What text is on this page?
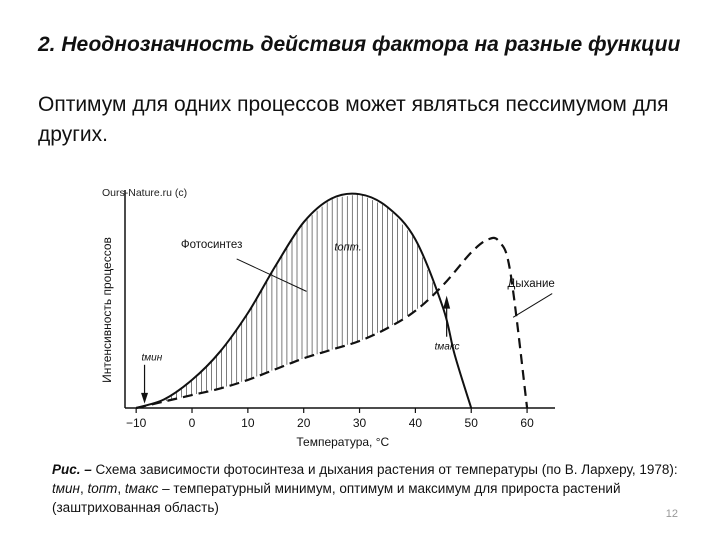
2. Неоднозначность действия фактора на разные функции
Оптимум для одних процессов может являться пессимумом для других.
−10	0	10	20	30	40	50	60
Ours-Nature.ru (c)
Температура, °C
Интенсивность процессов	Фотосинтез
Дыхание
tмин
tопт.
tмакс
Рис. – Схема зависимости фотосинтеза и дыхания растения от температуры (по В. Лархеру, 1978): tмин, tопт, tмакс – температурный минимум, оптимум и максимум для прироста растений (заштрихованная область)	12
